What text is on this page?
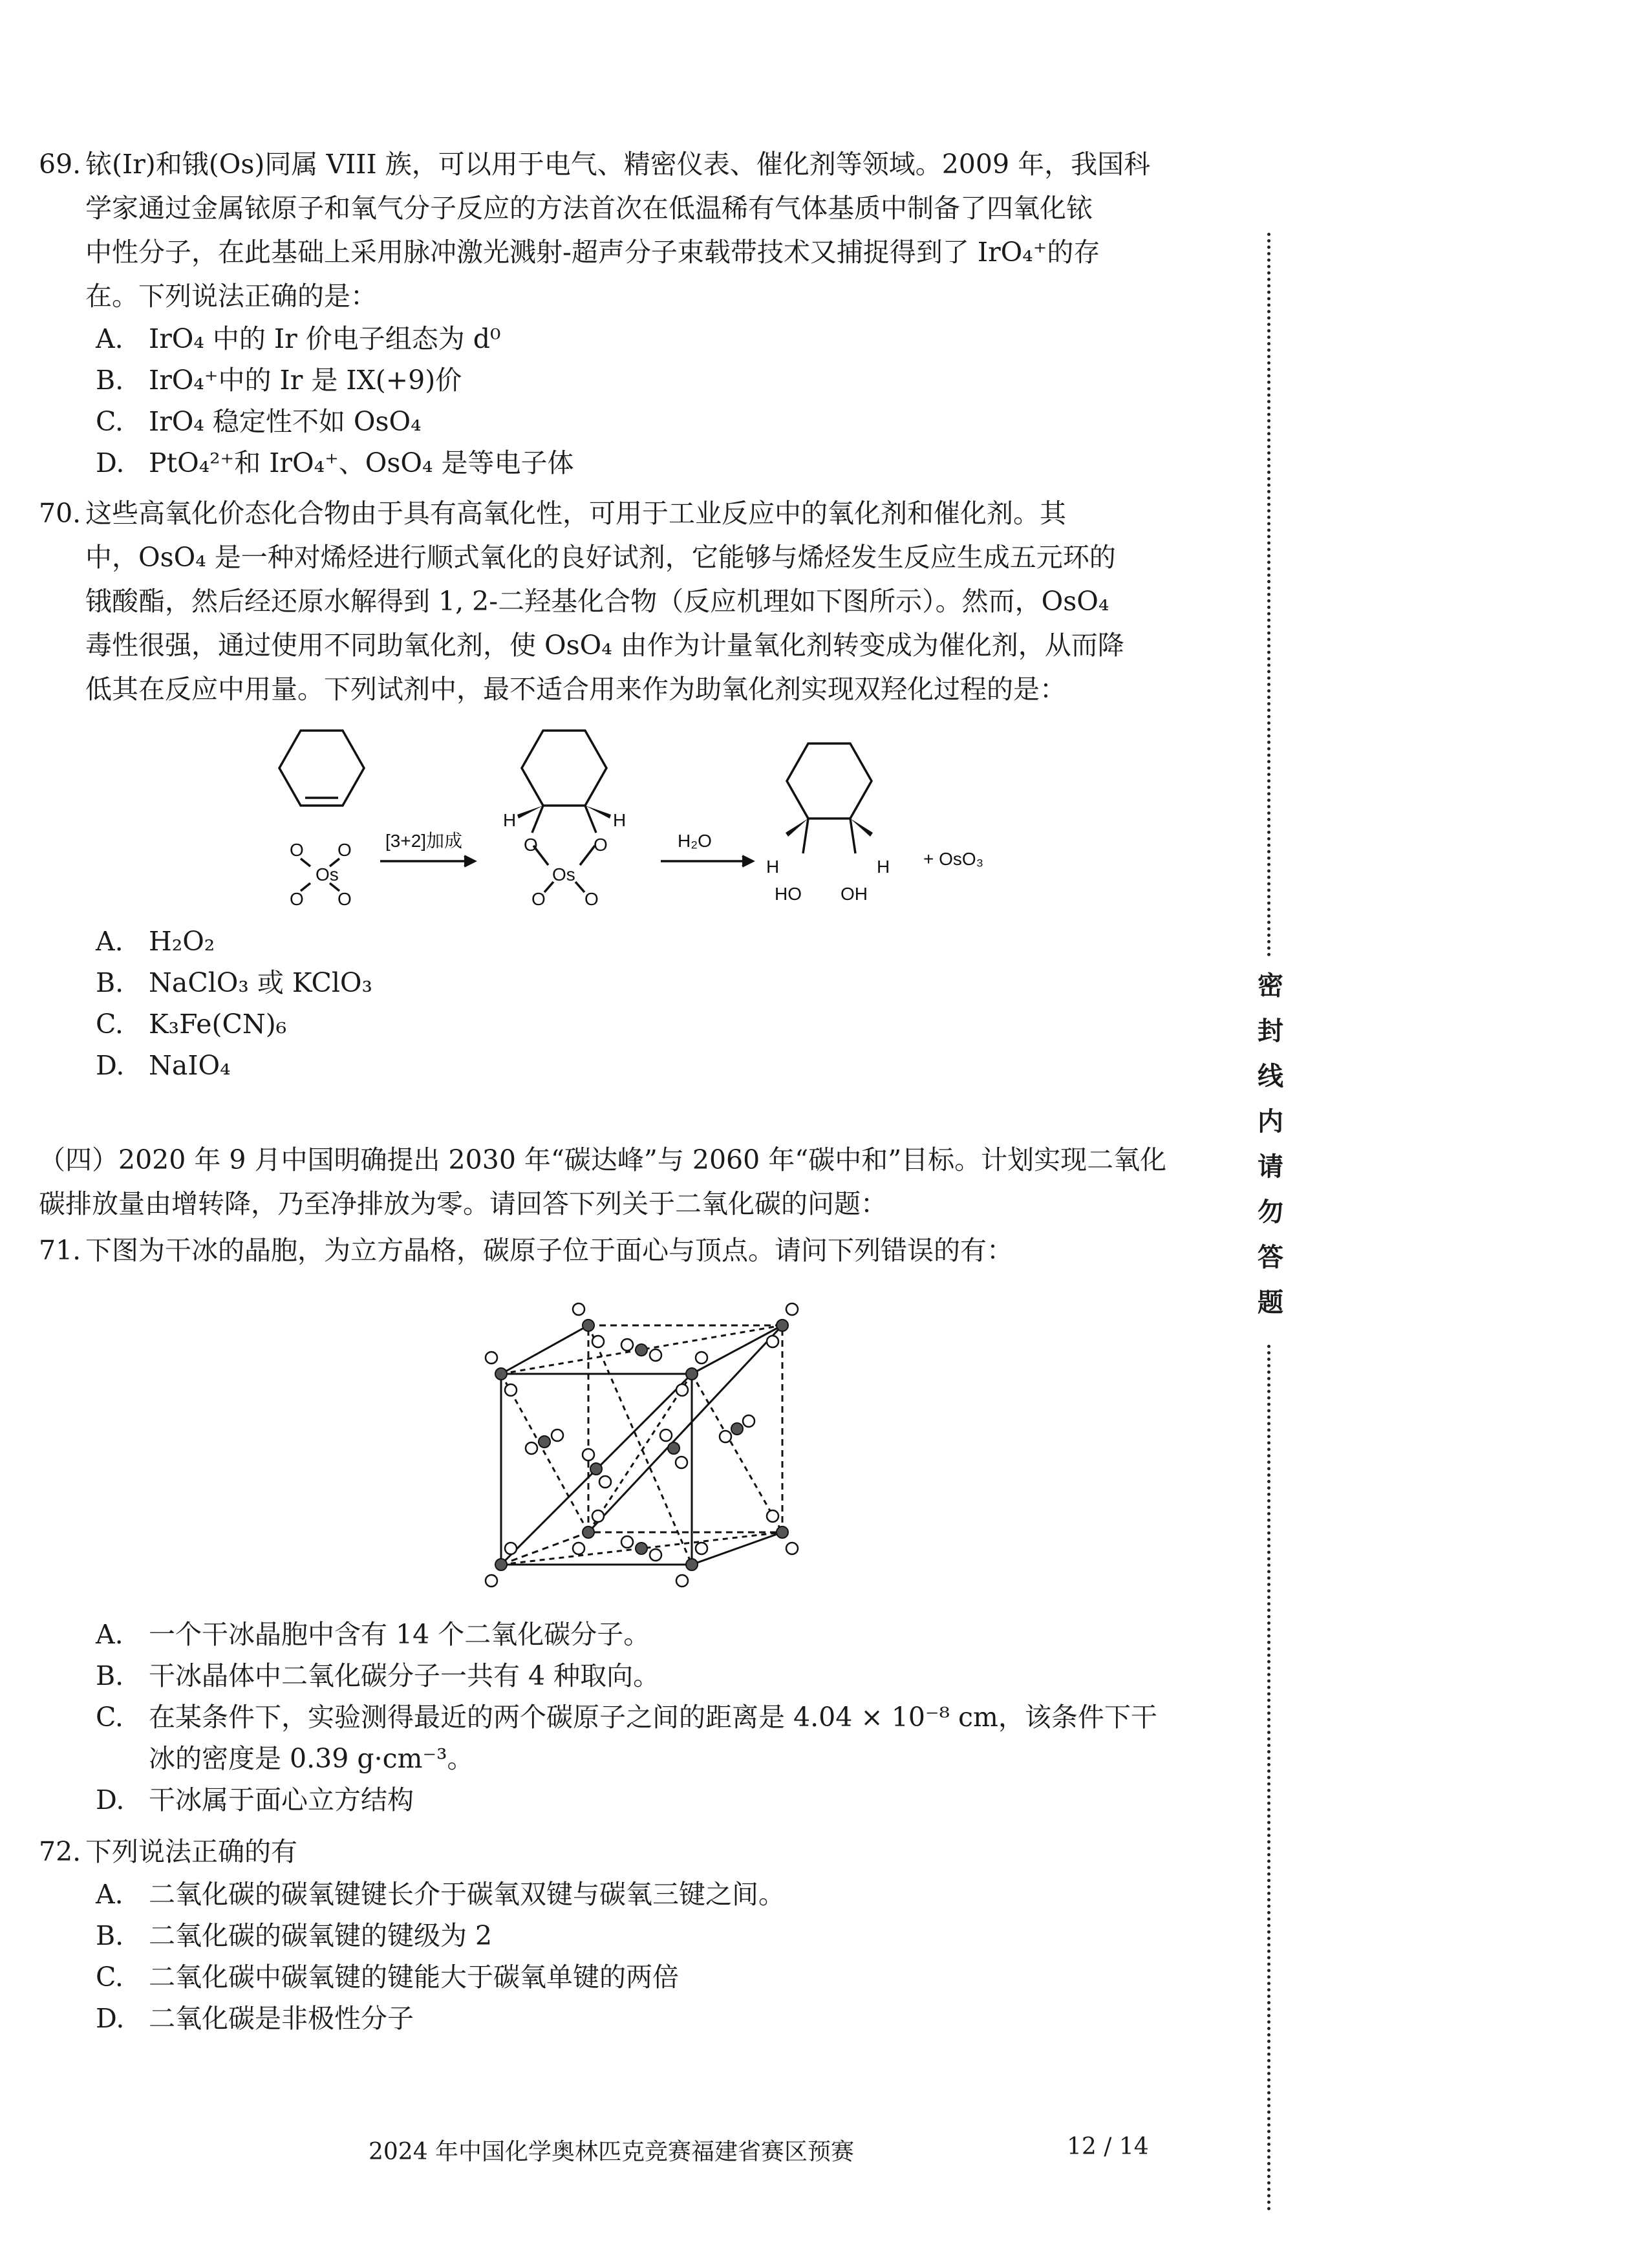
69. 铱(Ir)和锇(Os)同属 VIII 族，可以用于电气、精密仪表、催化剂等领域。2009 年，我国科
学家通过金属铱原子和氧气分子反应的方法首次在低温稀有气体基质中制备了四氧化铱
中性分子，在此基础上采用脉冲激光溅射-超声分子束载带技术又捕捉得到了 IrO₄⁺的存
在。下列说法正确的是：
A. IrO₄ 中的 Ir 价电子组态为 d⁰
B. IrO₄⁺中的 Ir 是 IX(+9)价
C. IrO₄ 稳定性不如 OsO₄
D. PtO₄²⁺和 IrO₄⁺、OsO₄ 是等电子体
70. 这些高氧化价态化合物由于具有高氧化性，可用于工业反应中的氧化剂和催化剂。其
中，OsO₄ 是一种对烯烃进行顺式氧化的良好试剂，它能够与烯烃发生反应生成五元环的
锇酸酯，然后经还原水解得到 1, 2-二羟基化合物（反应机理如下图所示）。然而，OsO₄
毒性很强，通过使用不同助氧化剂，使 OsO₄ 由作为计量氧化剂转变成为催化剂，从而降
低其在反应中用量。下列试剂中，最不适合用来作为助氧化剂实现双羟化过程的是：
Os
O O
O O
[3+2]加成
H	H
O	O
Os
O O
H₂O
H	H
HO OH
+ OsO₃
A. H₂O₂
B. NaClO₃ 或 KClO₃
C. K₃Fe(CN)₆
D. NaIO₄
（四）2020 年 9 月中国明确提出 2030 年“碳达峰”与 2060 年“碳中和”目标。计划实现二氧化
碳排放量由增转降，乃至净排放为零。请回答下列关于二氧化碳的问题：
71. 下图为干冰的晶胞，为立方晶格，碳原子位于面心与顶点。请问下列错误的有：
A. 一个干冰晶胞中含有 14 个二氧化碳分子。
B. 干冰晶体中二氧化碳分子一共有 4 种取向。
C. 在某条件下，实验测得最近的两个碳原子之间的距离是 4.04 × 10⁻⁸ cm，该条件下干
冰的密度是 0.39 g·cm⁻³。
D. 干冰属于面心立方结构
72. 下列说法正确的有
A. 二氧化碳的碳氧键键长介于碳氧双键与碳氧三键之间。
B. 二氧化碳的碳氧键的键级为 2
C. 二氧化碳中碳氧键的键能大于碳氧单键的两倍
D. 二氧化碳是非极性分子
密
封
线
内
请
勿
答
题
2024 年中国化学奥林匹克竞赛福建省赛区预赛	12 / 14
